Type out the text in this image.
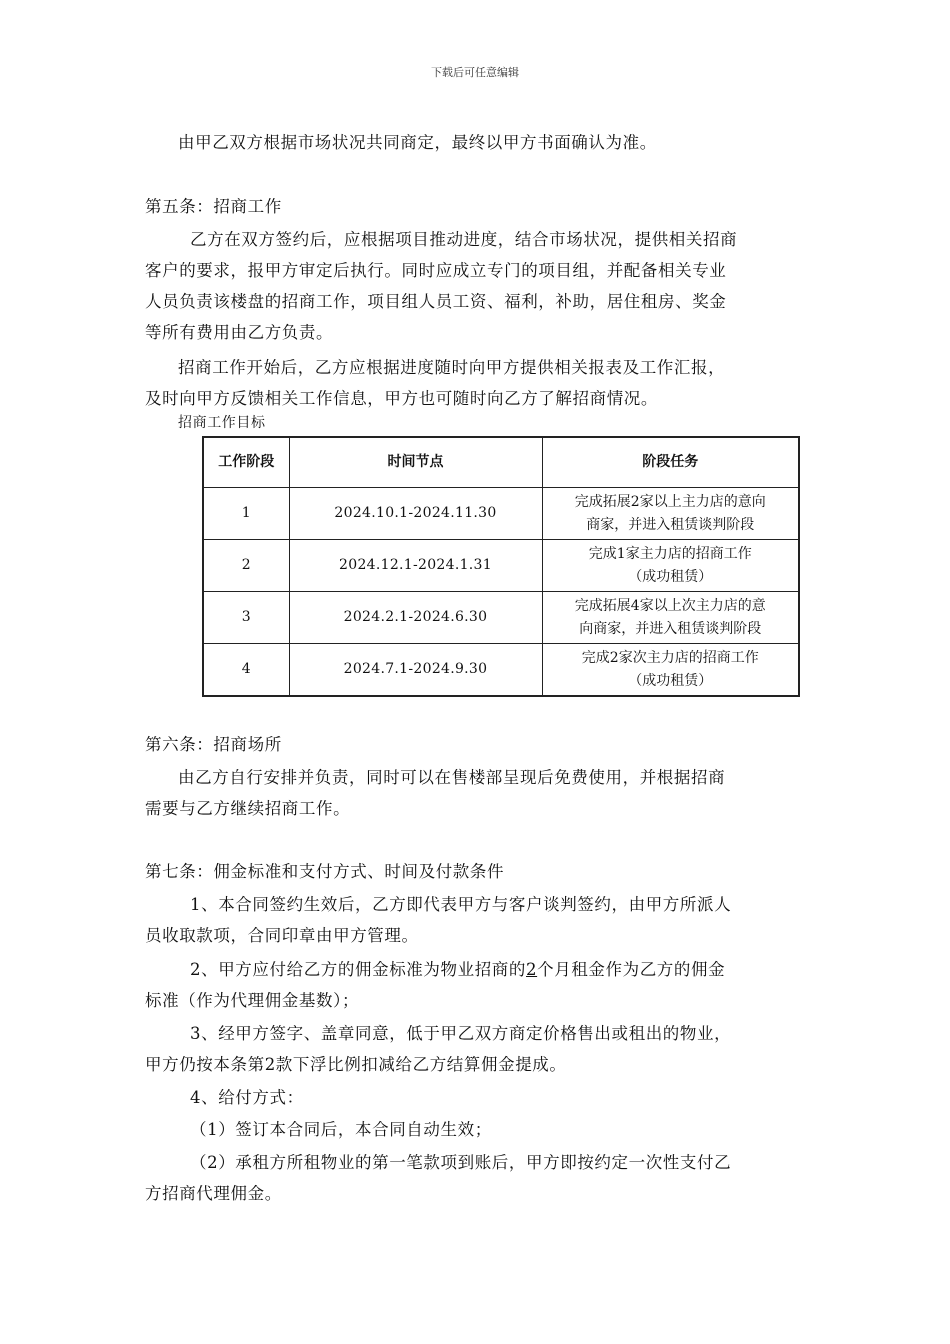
下载后可任意编辑
由甲乙双方根据市场状况共同商定，最终以甲方书面确认为准。
第五条：招商工作
乙方在双方签约后，应根据项目推动进度，结合市场状况，提供相关招商
客户的要求，报甲方审定后执行。同时应成立专门的项目组，并配备相关专业
人员负责该楼盘的招商工作，项目组人员工资、福利，补助，居住租房、奖金
等所有费用由乙方负责。
招商工作开始后，乙方应根据进度随时向甲方提供相关报表及工作汇报，
及时向甲方反馈相关工作信息，甲方也可随时向乙方了解招商情况。
招商工作目标
工作阶段	时间节点	阶段任务
1	2024.10.1-2024.11.30	完成拓展2家以上主力店的意向
商家，并进入租赁谈判阶段

2	2024.12.1-2024.1.31	完成1家主力店的招商工作
（成功租赁）

3	2024.2.1-2024.6.30	完成拓展4家以上次主力店的意
向商家，并进入租赁谈判阶段

4	2024.7.1-2024.9.30	完成2家次主力店的招商工作
（成功租赁）
第六条：招商场所
由乙方自行安排并负责，同时可以在售楼部呈现后免费使用，并根据招商
需要与乙方继续招商工作。
第七条：佣金标准和支付方式、时间及付款条件
1、本合同签约生效后，乙方即代表甲方与客户谈判签约，由甲方所派人
员收取款项，合同印章由甲方管理。
2、甲方应付给乙方的佣金标准为物业招商的2个月租金作为乙方的佣金
标准（作为代理佣金基数）；
3、经甲方签字、盖章同意，低于甲乙双方商定价格售出或租出的物业，
甲方仍按本条第2款下浮比例扣减给乙方结算佣金提成。
4、给付方式：
（1）签订本合同后，本合同自动生效；
（2）承租方所租物业的第一笔款项到账后，甲方即按约定一次性支付乙
方招商代理佣金。
